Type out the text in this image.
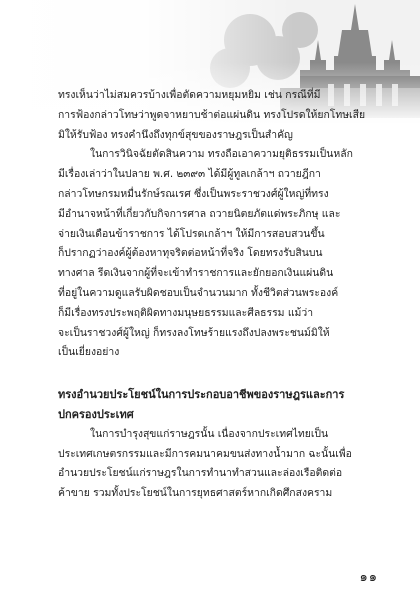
ทรงเห็นว่าไม่สมควรบ้างเพื่อตัดความหยุมหยิม เช่น กรณีที่มี
การฟ้องกล่าวโทษว่าพูดจาหยาบช้าต่อแผ่นดิน ทรงโปรดให้ยกโทษเสีย
มิให้รับฟ้อง ทรงคำนึงถึงทุกข์สุขของราษฎรเป็นสำคัญ
ในการวินิจฉัยตัดสินความ ทรงถือเอาความยุติธรรมเป็นหลัก
มีเรื่องเล่าว่าในปลาย พ.ศ. ๒๓๙๓ ได้มีผู้ทูลเกล้าฯ ถวายฎีกา
กล่าวโทษกรมหมื่นรักษ์รณเรศ ซึ่งเป็นพระราชวงศ์ผู้ใหญ่ที่ทรง
มีอำนาจหน้าที่เกี่ยวกับกิจการศาล ถวายนิตยภัตแด่พระภิกษุ และ
จ่ายเงินเดือนข้าราชการ ได้โปรดเกล้าฯ ให้มีการสอบสวนขึ้น
ก็ปรากฏว่าองค์ผู้ต้องหาทุจริตต่อหน้าที่จริง โดยทรงรับสินบน
ทางศาล รีดเงินจากผู้ที่จะเข้าทำราชการและยักยอกเงินแผ่นดิน
ที่อยู่ในความดูแลรับผิดชอบเป็นจำนวนมาก ทั้งชีวิตส่วนพระองค์
ก็มีเรื่องทรงประพฤติผิดทางมนุษยธรรมและศีลธรรม แม้ว่า
จะเป็นราชวงศ์ผู้ใหญ่ ก็ทรงลงโทษร้ายแรงถึงปลงพระชนม์มิให้
เป็นเยี่ยงอย่าง
ทรงอำนวยประโยชน์ในการประกอบอาชีพของราษฎรและการ
ปกครองประเทศ
ในการบำรุงสุขแก่ราษฎรนั้น เนื่องจากประเทศไทยเป็น
ประเทศเกษตรกรรมและมีการคมนาคมขนส่งทางน้ำมาก ฉะนั้นเพื่อ
อำนวยประโยชน์แก่ราษฎรในการทำนาทำสวนและล่องเรือติดต่อ
ค้าขาย รวมทั้งประโยชน์ในการยุทธศาสตร์หากเกิดศึกสงคราม
๑๑
